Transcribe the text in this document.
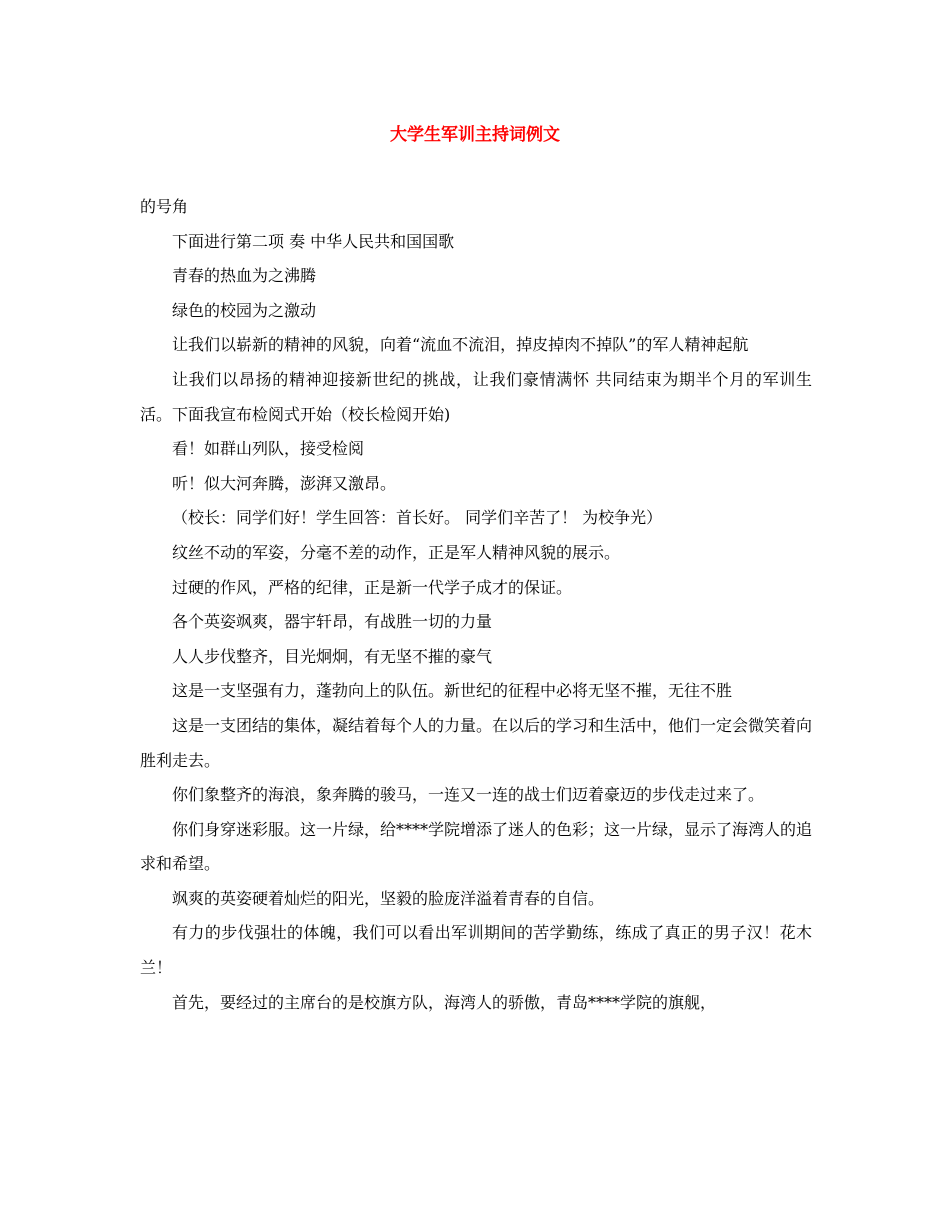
大学生军训主持词例文

的号角

下面进行第二项 奏 中华人民共和国国歌

青春的热血为之沸腾

绿色的校园为之激动

让我们以崭新的精神的风貌，向着“流血不流泪，掉皮掉肉不掉队”的军人精神起航

让我们以昂扬的精神迎接新世纪的挑战，让我们豪情满怀 共同结束为期半个月的军训生活。下面我宣布检阅式开始（校长检阅开始)

看！如群山列队，接受检阅

听！似大河奔腾，澎湃又激昂。

（校长：同学们好！学生回答：首长好。 同学们辛苦了！ 为校争光）

纹丝不动的军姿，分毫不差的动作，正是军人精神风貌的展示。

过硬的作风，严格的纪律，正是新一代学子成才的保证。

各个英姿飒爽，器宇轩昂，有战胜一切的力量

人人步伐整齐，目光炯炯，有无坚不摧的豪气

这是一支坚强有力，蓬勃向上的队伍。新世纪的征程中必将无坚不摧，无往不胜

这是一支团结的集体，凝结着每个人的力量。在以后的学习和生活中，他们一定会微笑着向胜利走去。

你们象整齐的海浪，象奔腾的骏马，一连又一连的战士们迈着豪迈的步伐走过来了。

你们身穿迷彩服。这一片绿，给****学院增添了迷人的色彩；这一片绿，显示了海湾人的追求和希望。

飒爽的英姿硬着灿烂的阳光，坚毅的脸庞洋溢着青春的自信。

有力的步伐强壮的体魄，我们可以看出军训期间的苦学勤练，练成了真正的男子汉！花木兰！

首先，要经过的主席台的是校旗方队，海湾人的骄傲，青岛****学院的旗舰，
